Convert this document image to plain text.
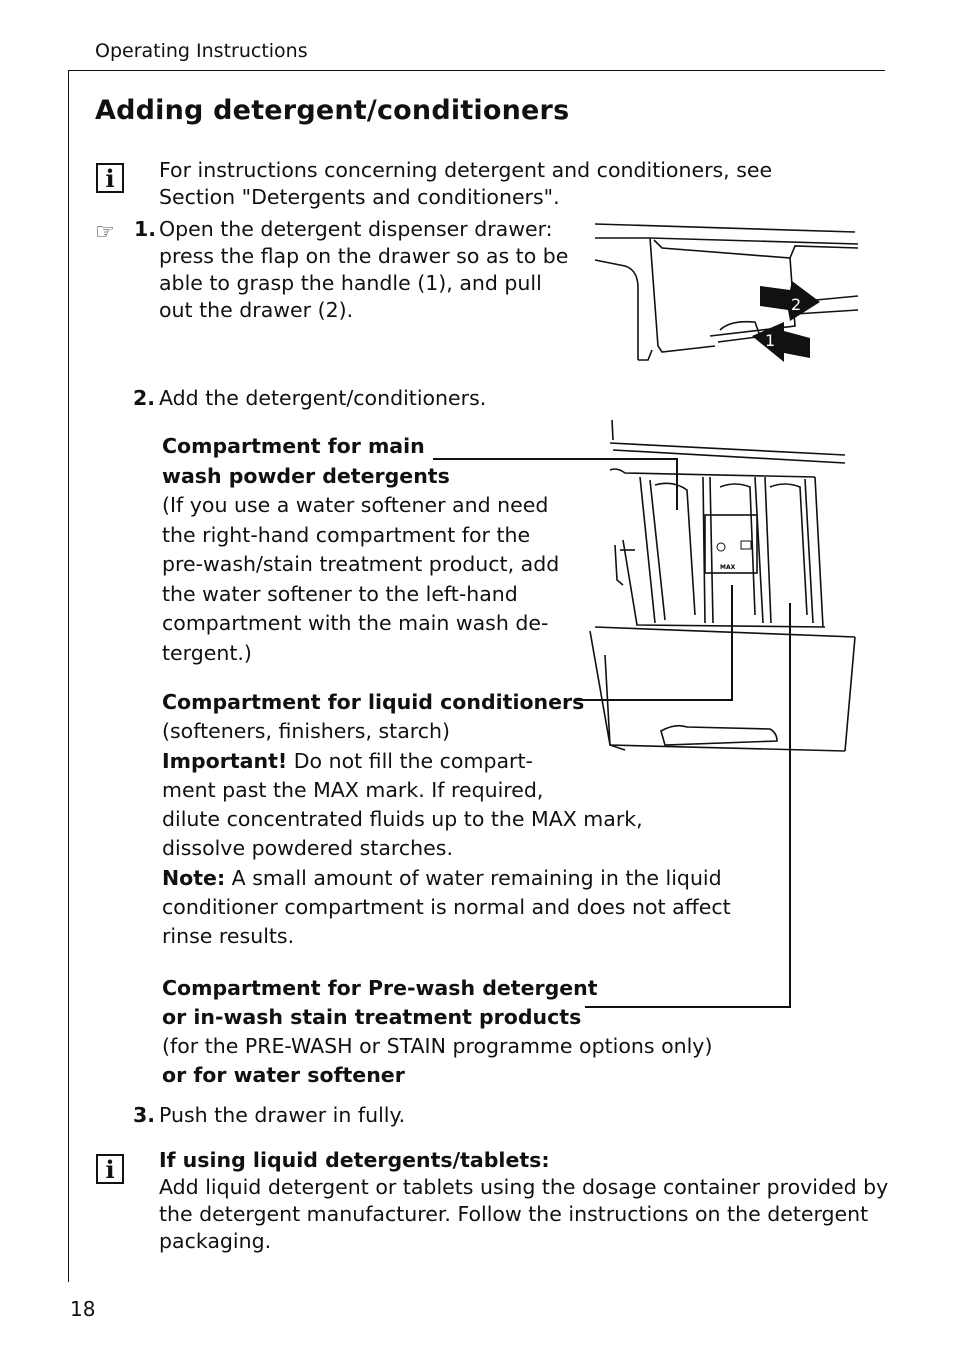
Operating Instructions
Adding detergent/conditioners
i	For instructions concerning detergent and conditioners, see Section "Detergents and conditioners".
☞ 1. Open the detergent dispenser drawer:

press the flap on the drawer so as to be

able to grasp the handle (1), and pull

out the drawer (2).	2
1
2. Add the detergent/conditioners.
MAX

Compartment for main

wash powder detergents

(If you use a water softener and need

the right-hand compartment for the

pre-wash/stain treatment product, add

the water softener to the left-hand

compartment with the main wash de-

tergent.)

Compartment for liquid conditioners

(softeners, finishers, starch)

Important! Do not fill the compart-

ment past the MAX mark. If required,

dilute concentrated fluids up to the MAX mark,

dissolve powdered starches.

Note: A small amount of water remaining in the liquid

conditioner compartment is normal and does not affect

rinse results.

Compartment for Pre-wash detergent

or in-wash stain treatment products

(for the PRE-WASH or STAIN programme options only)

or for water softener

3. Push the drawer in fully.
i	If using liquid detergents/tablets:

Add liquid detergent or tablets using the dosage container provided by

the detergent manufacturer. Follow the instructions on the detergent

packaging.

18
